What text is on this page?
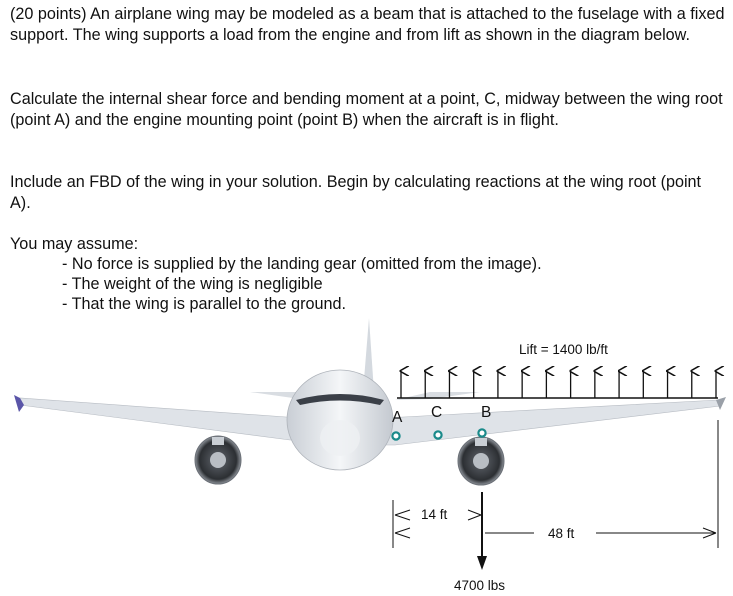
(20 points) An airplane wing may be modeled as a beam that is attached to the fuselage with a fixed support. The wing supports a load from the engine and from lift as shown in the diagram below.
Calculate the internal shear force and bending moment at a point, C, midway between the wing root (point A) and the engine mounting point (point B) when the aircraft is in flight.
Include an FBD of the wing in your solution. Begin by calculating reactions at the wing root (point A).
You may assume:
- No force is supplied by the landing gear (omitted from the image).
- The weight of the wing is negligible
- That the wing is parallel to the ground.
Lift = 1400 lb/ft
A C	B
14 ft
48 ft
4700 lbs
